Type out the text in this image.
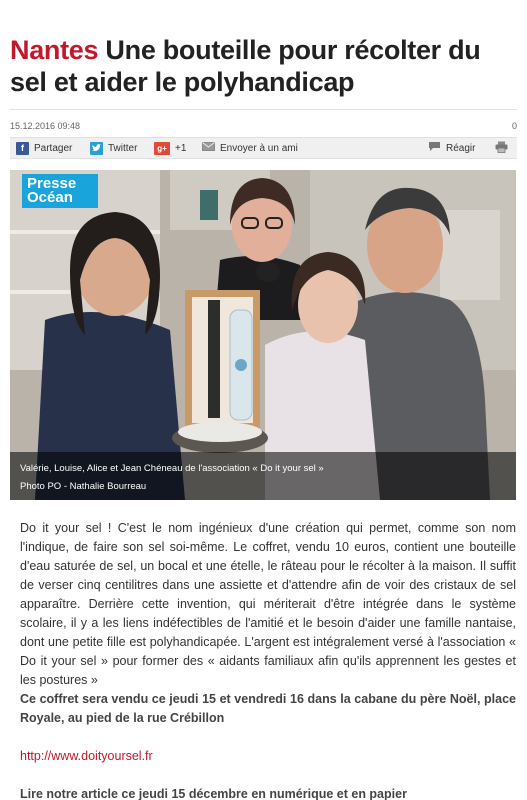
Nantes Une bouteille pour récolter du sel et aider le polyhandicap
15.12.2016 09:48	0
f	Partager	Twitter	g+ +1	Envoyer à un ami	Réagir
Presse
Océan
Valérie, Louise, Alice et Jean Chéneau de l'association « Do it your sel »
Photo PO - Nathalie Bourreau

Do it your sel ! C'est le nom ingénieux d'une création qui permet, comme son nom l'indique, de faire son sel soi-même. Le coffret, vendu 10 euros, contient une bouteille d'eau saturée de sel, un bocal et une ételle, le râteau pour le récolter à la maison. Il suffit de verser cinq centilitres dans une assiette et d'attendre afin de voir des cristaux de sel apparaître. Derrière cette invention, qui mériterait d'être intégrée dans le système scolaire, il y a les liens indéfectibles de l'amitié et le besoin d'aider une famille nantaise, dont une petite fille est polyhandicapée. L'argent est intégralement versé à l'association « Do it your sel » pour former des « aidants familiaux afin qu'ils apprennent les gestes et les postures »

Ce coffret sera vendu ce jeudi 15 et vendredi 16 dans la cabane du père Noël, place Royale, au pied de la rue Crébillon

http://www.doityoursel.fr

Lire notre article ce jeudi 15 décembre en numérique et en papier
